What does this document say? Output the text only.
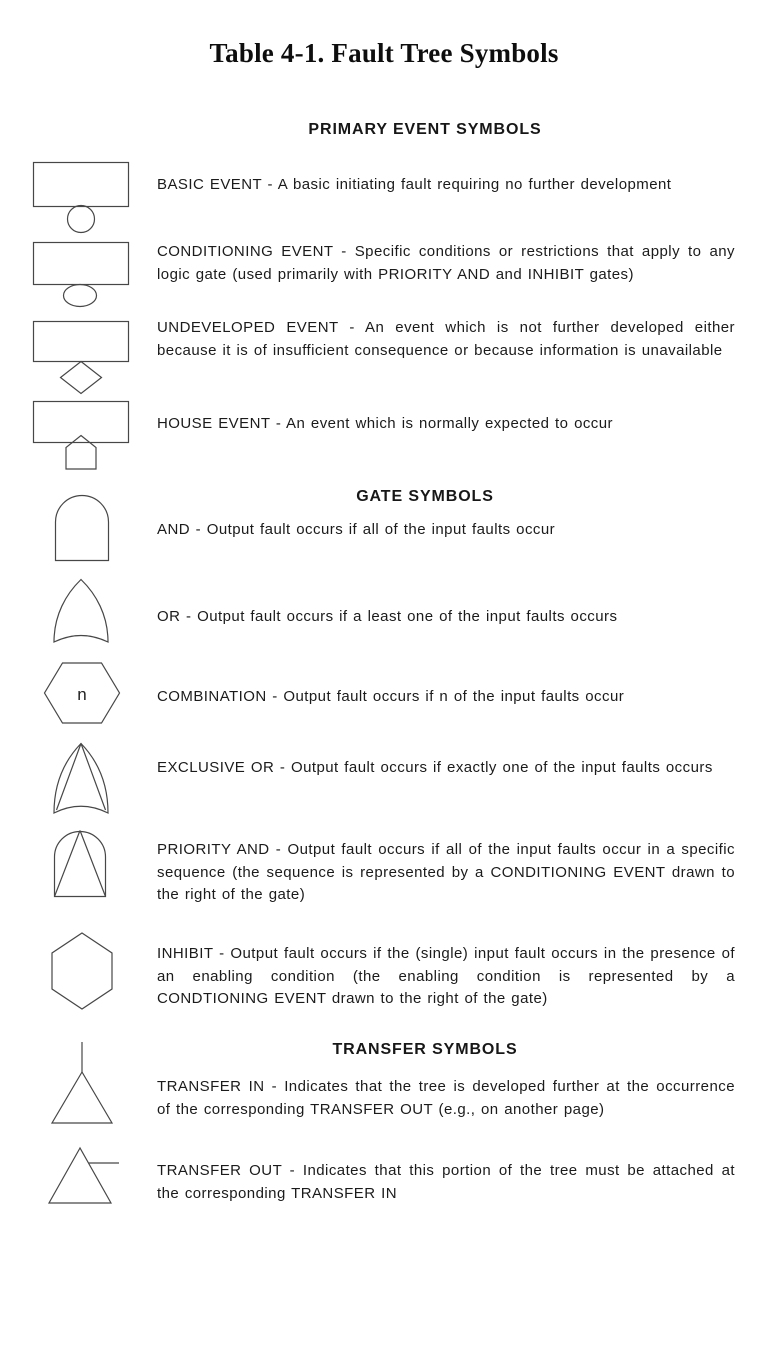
Table 4-1. Fault Tree Symbols
PRIMARY EVENT SYMBOLS
GATE SYMBOLS
TRANSFER SYMBOLS

BASIC EVENT - A basic initiating fault requiring no further development

CONDITIONING EVENT - Specific conditions or restrictions that apply to any logic gate (used primarily with PRIORITY AND and INHIBIT gates)

UNDEVELOPED EVENT - An event which is not further developed either because it is of insufficient consequence or because information is unavailable

HOUSE EVENT - An event which is normally expected to occur

AND - Output fault occurs if all of the input faults occur

OR - Output fault occurs if a least one of the input faults occurs

n	COMBINATION - Output fault occurs if n of the input faults occur

EXCLUSIVE OR - Output fault occurs if exactly one of the input faults occurs

PRIORITY AND - Output fault occurs if all of the input faults occur in a specific sequence (the sequence is represented by a CONDITIONING EVENT drawn to the right of the gate)

INHIBIT - Output fault occurs if the (single) input fault occurs in the presence of an enabling condition (the enabling condition is represented by a CONDTIONING EVENT drawn to the right of the gate)

TRANSFER IN - Indicates that the tree is developed further at the occurrence of the corresponding TRANSFER OUT (e.g., on another page)

TRANSFER OUT - Indicates that this portion of the tree must be attached at the corresponding TRANSFER IN
